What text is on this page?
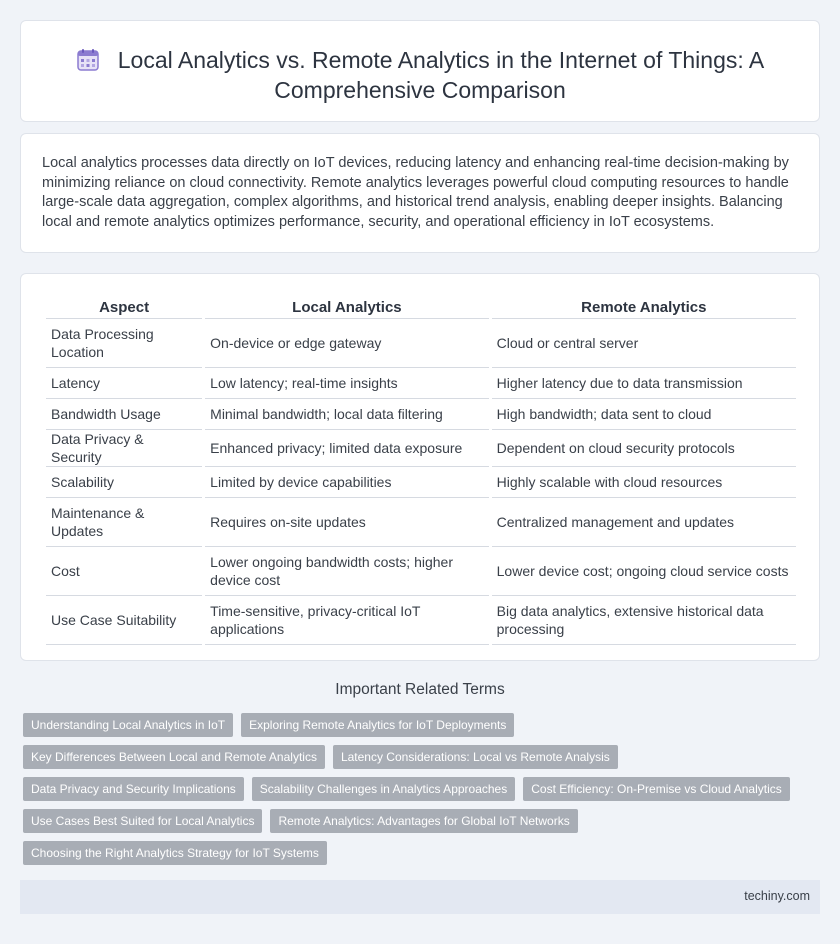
Local Analytics vs. Remote Analytics in the Internet of Things: A Comprehensive Comparison

Local analytics processes data directly on IoT devices, reducing latency and enhancing real-time decision-making by minimizing reliance on cloud connectivity. Remote analytics leverages powerful cloud computing resources to handle large-scale data aggregation, complex algorithms, and historical trend analysis, enabling deeper insights. Balancing local and remote analytics optimizes performance, security, and operational efficiency in IoT ecosystems.

Aspect	Local Analytics	Remote Analytics
Data Processing Location	On-device or edge gateway	Cloud or central server
Latency	Low latency; real-time insights	Higher latency due to data transmission
Bandwidth Usage	Minimal bandwidth; local data filtering	High bandwidth; data sent to cloud
Data Privacy & Security	Enhanced privacy; limited data exposure	Dependent on cloud security protocols
Scalability	Limited by device capabilities	Highly scalable with cloud resources
Maintenance & Updates	Requires on-site updates	Centralized management and updates
Cost	Lower ongoing bandwidth costs; higher device cost	Lower device cost; ongoing cloud service costs
Use Case Suitability	Time-sensitive, privacy-critical IoT applications	Big data analytics, extensive historical data processing
Important Related Terms
Understanding Local Analytics in IoT	Exploring Remote Analytics for IoT Deployments
Key Differences Between Local and Remote Analytics	Latency Considerations: Local vs Remote Analysis
Data Privacy and Security Implications	Scalability Challenges in Analytics Approaches	Cost Efficiency: On-Premise vs Cloud Analytics
Use Cases Best Suited for Local Analytics	Remote Analytics: Advantages for Global IoT Networks
Choosing the Right Analytics Strategy for IoT Systems
techiny.com
